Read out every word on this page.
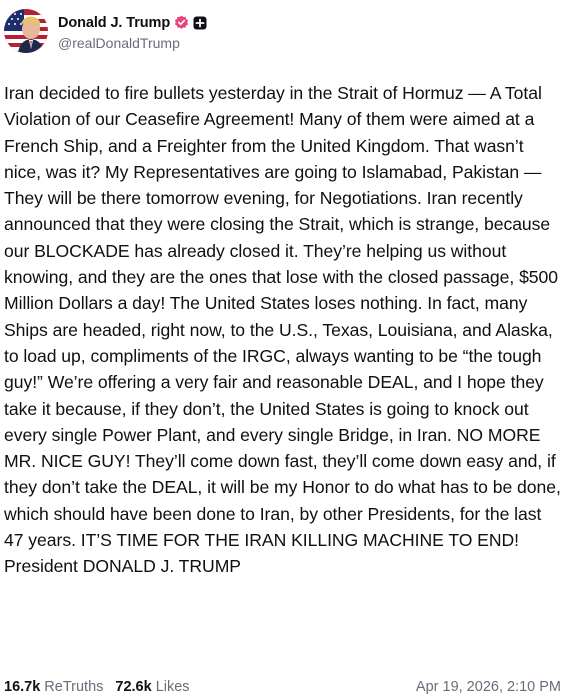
Donald J. Trump
@realDonaldTrump

Iran decided to fire bullets yesterday in the Strait of Hormuz — A Total Violation of our Ceasefire Agreement! Many of them were aimed at a French Ship, and a Freighter from the United Kingdom. That wasn’t nice, was it? My Representatives are going to Islamabad, Pakistan — They will be there tomorrow evening, for Negotiations. Iran recently announced that they were closing the Strait, which is strange, because our BLOCKADE has already closed it. They’re helping us without knowing, and they are the ones that lose with the closed passage, $500 Million Dollars a day! The United States loses nothing. In fact, many Ships are headed, right now, to the U.S., Texas, Louisiana, and Alaska, to load up, compliments of the IRGC, always wanting to be “the tough guy!” We’re offering a very fair and reasonable DEAL, and I hope they take it because, if they don’t, the United States is going to knock out every single Power Plant, and every single Bridge, in Iran. NO MORE MR. NICE GUY! They’ll come down fast, they’ll come down easy and, if they don’t take the DEAL, it will be my Honor to do what has to be done, which should have been done to Iran, by other Presidents, for the last 47 years. IT’S TIME FOR THE IRAN KILLING MACHINE TO END! President DONALD J. TRUMP

16.7k ReTruths 72.6k Likes	Apr 19, 2026, 2:10 PM
